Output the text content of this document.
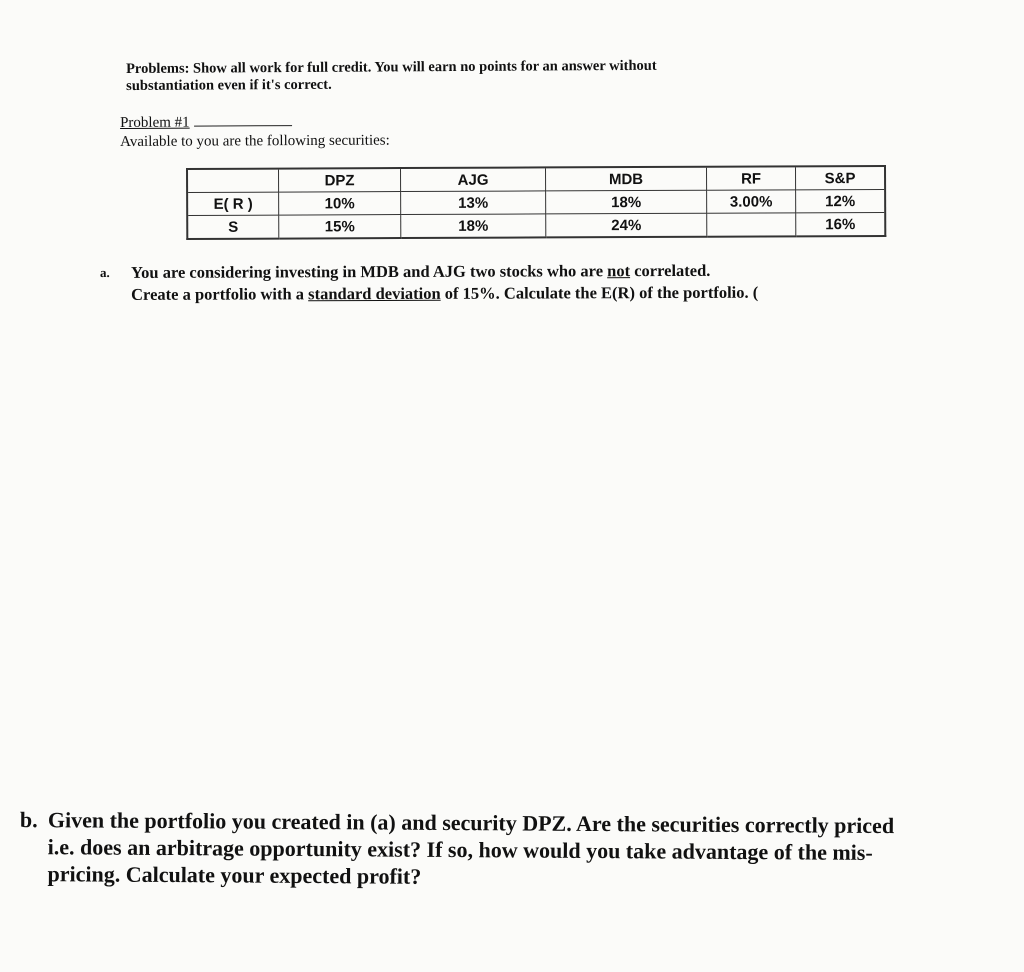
Problems: Show all work for full credit. You will earn no points for an answer without
substantiation even if it's correct.
Problem #1
Available to you are the following securities:
	DPZ	AJG	MDB	RF	S&P
E( R )	10%	13%	18%	3.00%	12%
S	15%	18%	24%		16%
a. You are considering investing in MDB and AJG two stocks who are not correlated.
Create a portfolio with a standard deviation of 15%. Calculate the E(R) of the portfolio. (
b. Given the portfolio you created in (a) and security DPZ. Are the securities correctly priced
i.e. does an arbitrage opportunity exist? If so, how would you take advantage of the mis-
pricing. Calculate your expected profit?
